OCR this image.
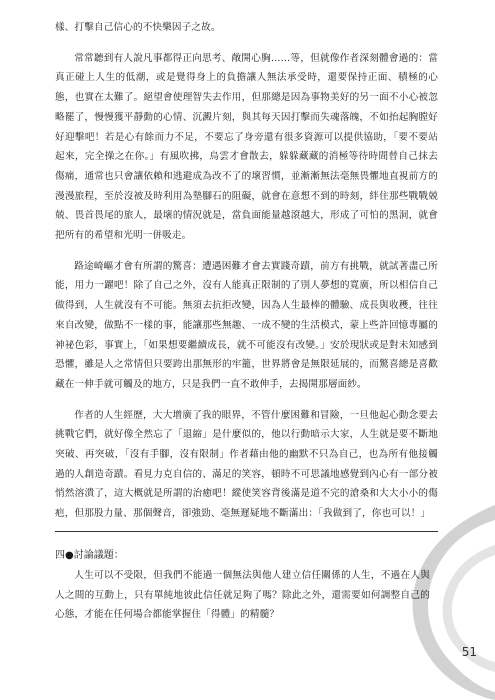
樣、打擊自己信心的不快樂因子之故。

常常聽到有人說凡事都得正向思考、敞開心胸……等，但就像作者深刻體會過的：當真正碰上人生的低潮，或是覺得身上的負擔讓人無法承受時，還要保持正面、積極的心態，也實在太難了。絕望會使理智失去作用，但那總是因為事物美好的另一面不小心被忽略罷了，慢慢獲平靜動的心情、沉澱片刻，與其每天因打擊而失魂落魄，不如抬起胸膛好好迎擊吧！若是心有餘而力不足，不要忘了身旁還有很多資源可以提供協助，「要不要站起來，完全操之在你。」有風吹拂，烏雲才會散去，躲躲藏藏的消極等待時間替自己抹去傷痛，通常也只會讓依賴和逃避成為改不了的壞習慣，並漸漸無法毫無畏懼地直視前方的漫漫旅程，至於沒被及時利用為墊腳石的阻礙，就會在意想不到的時刻，絆住那些戰戰兢兢、畏首畏尾的旅人，最壞的情況就是，當負面能量越滾越大，形成了可怕的黑洞，就會把所有的希望和光明一併吸走。

路途崎嶇才會有所謂的驚喜：遭遇困難才會去實踐奇蹟，前方有挑戰，就試著盡己所能，用力一躍吧！除了自己之外，沒有人能真正限制的了別人夢想的寬廣，所以相信自己做得到，人生就沒有不可能。無須去抗拒改變，因為人生最棒的體驗、成長與收穫，往往來自改變，做點不一樣的事，能讓那些無趣、一成不變的生活模式，蒙上些許回憶專屬的神祕色彩，事實上，「如果想要繼續成長，就不可能沒有改變。」安於現狀或是對未知感到恐懼，雖是人之常情但只要跨出那無形的牢籠，世界將會是無限延展的，而驚喜總是喜歡藏在一伸手就可觸及的地方，只是我們一直不敢伸手，去揭開那層面紗。

作者的人生經歷，大大增廣了我的眼界，不管什麼困難和冒險，一旦他起心動念要去挑戰它們，就好像全然忘了「退縮」是什麼似的，他以行動暗示大家，人生就是要不斷地突破、再突破，「沒有手腳，沒有限制」作者藉由他的幽默不只為自己，也為所有他接觸過的人創造奇蹟。看見力克自信的、滿足的笑容，頓時不可思議地感覺到內心有一部分被悄然溶潰了，這大概就是所謂的治癒吧！縱使笑容背後滿是道不完的滄桑和大大小小的傷疤，但那股力量、那個聲音，卻強勁、毫無遲疑地不斷滿出：「我做到了，你也可以！」

四●討論議題：

人生可以不受限，但我們不能過一個無法與他人建立信任關係的人生，不過在人與人之間的互動上，只有單純地彼此信任就足夠了嗎？除此之外，還需要如何調整自己的心態，才能在任何場合都能掌握住「得體」的精髓？

51
